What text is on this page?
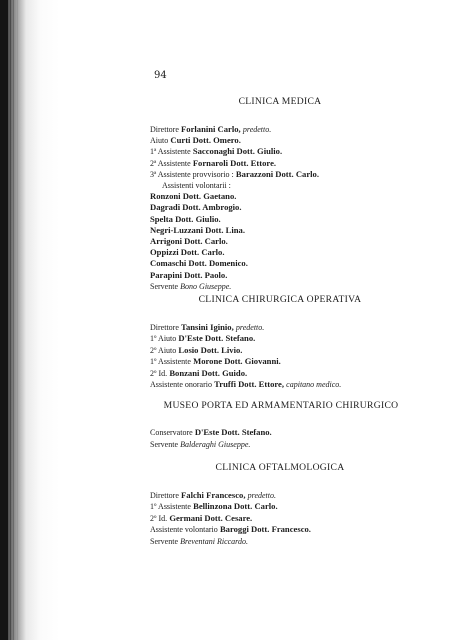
94
CLINICA MEDICA
Direttore Forlanini Carlo, predetto.
Aiuto Curti Dott. Omero.
1ª Assistente Sacconaghi Dott. Giulio.
2ª Assistente Fornaroli Dott. Ettore.
3ª Assistente provvisorio : Barazzoni Dott. Carlo.
Assistenti volontarii :
Ronzoni Dott. Gaetano.
Dagradi Dott. Ambrogio.
Spelta Dott. Giulio.
Negri-Luzzani Dott. Lina.
Arrigoni Dott. Carlo.
Oppizzi Dott. Carlo.
Comaschi Dott. Domenico.
Parapini Dott. Paolo.
Servente Bono Giuseppe.
CLINICA CHIRURGICA OPERATIVA
Direttore Tansini Iginio, predetto.
1º Aiuto D'Este Dott. Stefano.
2º Aiuto Losio Dott. Livio.
1º Assistente Morone Dott. Giovanni.
2º Id. Bonzani Dott. Guido.
Assistente onorario Truffi Dott. Ettore, capitano medico.
MUSEO PORTA ED ARMAMENTARIO CHIRURGICO
Conservatore D'Este Dott. Stefano.
Servente Balderaghi Giuseppe.
CLINICA OFTALMOLOGICA
Direttore Falchi Francesco, predetto.
1º Assistente Bellinzona Dott. Carlo.
2º Id. Germani Dott. Cesare.
Assistente volontario Baroggi Dott. Francesco.
Servente Breventani Riccardo.
